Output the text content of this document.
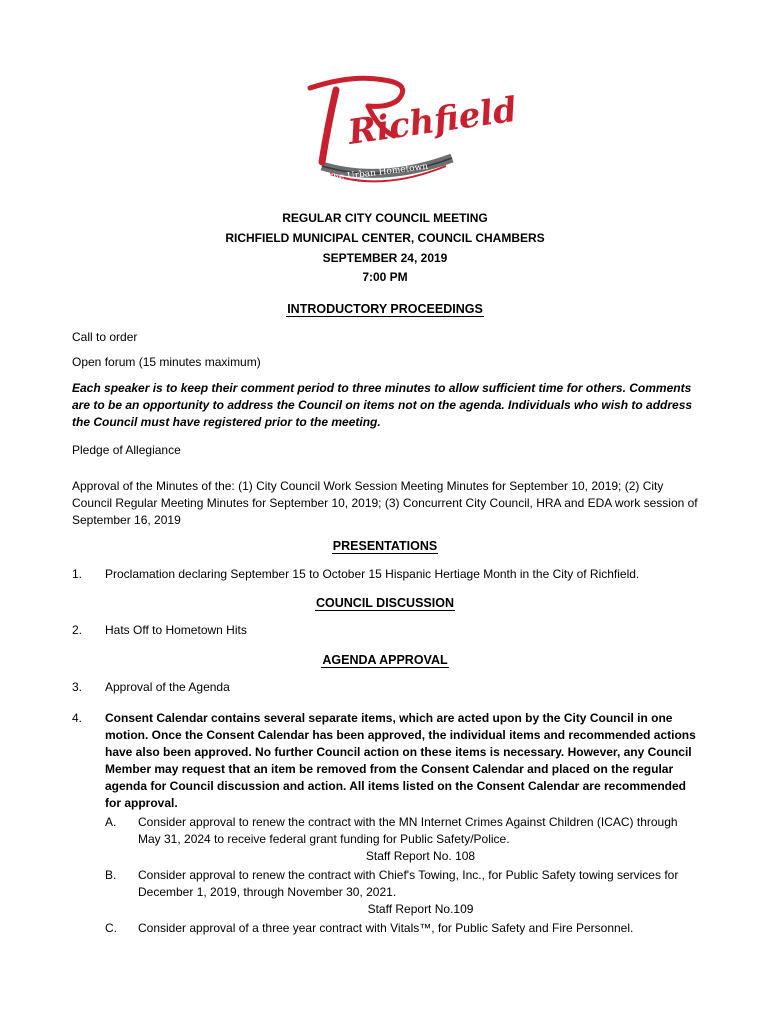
Richfield
The Urban Hometown
REGULAR CITY COUNCIL MEETING
RICHFIELD MUNICIPAL CENTER, COUNCIL CHAMBERS
SEPTEMBER 24, 2019
7:00 PM
INTRODUCTORY PROCEEDINGS
Call to order
Open forum (15 minutes maximum)
Each speaker is to keep their comment period to three minutes to allow sufficient time for others. Comments are to be an opportunity to address the Council on items not on the agenda. Individuals who wish to address the Council must have registered prior to the meeting.
Pledge of Allegiance
Approval of the Minutes of the: (1) City Council Work Session Meeting Minutes for September 10, 2019; (2) City Council Regular Meeting Minutes for September 10, 2019; (3) Concurrent City Council, HRA and EDA work session of September 16, 2019
PRESENTATIONS
1. Proclamation declaring September 15 to October 15 Hispanic Hertiage Month in the City of Richfield.
COUNCIL DISCUSSION
2. Hats Off to Hometown Hits
AGENDA APPROVAL
3. Approval of the Agenda
4. Consent Calendar contains several separate items, which are acted upon by the City Council in one motion. Once the Consent Calendar has been approved, the individual items and recommended actions have also been approved. No further Council action on these items is necessary. However, any Council Member may request that an item be removed from the Consent Calendar and placed on the regular agenda for Council discussion and action. All items listed on the Consent Calendar are recommended for approval.
A. Consider approval to renew the contract with the MN Internet Crimes Against Children (ICAC) through May 31, 2024 to receive federal grant funding for Public Safety/Police.
Staff Report No. 108
B. Consider approval to renew the contract with Chief's Towing, Inc., for Public Safety towing services for December 1, 2019, through November 30, 2021.
Staff Report No.109
C. Consider approval of a three year contract with Vitals™, for Public Safety and Fire Personnel.
